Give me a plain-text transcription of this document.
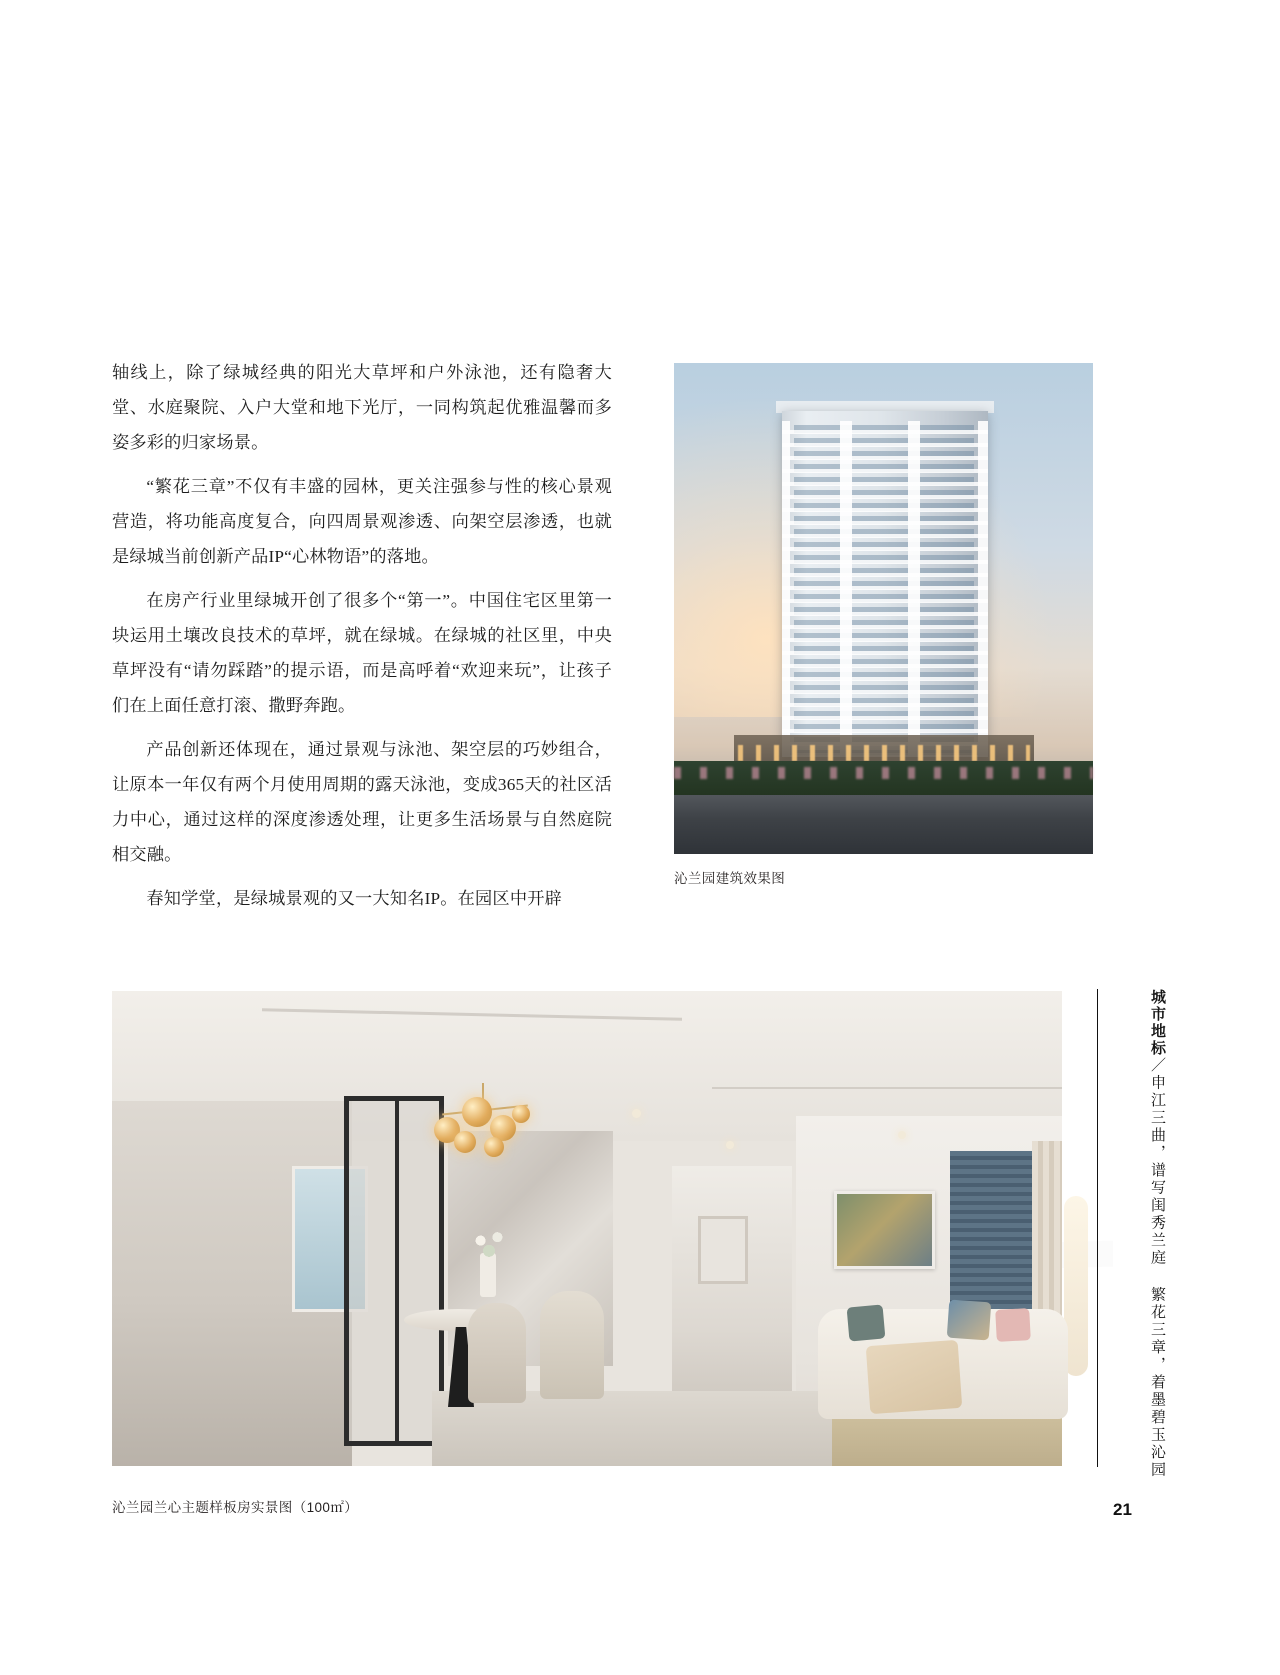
轴线上，除了绿城经典的阳光大草坪和户外泳池，还有隐奢大堂、水庭聚院、入户大堂和地下光厅，一同构筑起优雅温馨而多姿多彩的归家场景。

“繁花三章”不仅有丰盛的园林，更关注强参与性的核心景观营造，将功能高度复合，向四周景观渗透、向架空层渗透，也就是绿城当前创新产品IP“心林物语”的落地。

在房产行业里绿城开创了很多个“第一”。中国住宅区里第一块运用土壤改良技术的草坪，就在绿城。在绿城的社区里，中央草坪没有“请勿踩踏”的提示语，而是高呼着“欢迎来玩”，让孩子们在上面任意打滚、撒野奔跑。

产品创新还体现在，通过景观与泳池、架空层的巧妙组合，让原本一年仅有两个月使用周期的露天泳池，变成365天的社区活力中心，通过这样的深度渗透处理，让更多生活场景与自然庭院相交融。

春知学堂，是绿城景观的又一大知名IP。在园区中开辟

沁兰园建筑效果图
沁兰园兰心主题样板房实景图（100㎡）
城市地标／申江三曲，谱写闺秀兰庭 繁花三章，着墨碧玉沁园
21
